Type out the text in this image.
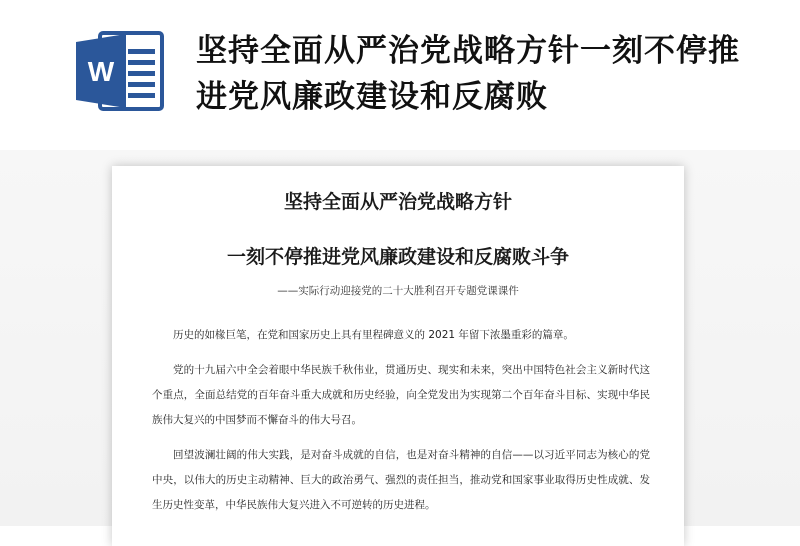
W
坚持全面从严治党战略方针一刻不停推进党风廉政建设和反腐败
坚持全面从严治党战略方针
一刻不停推进党风廉政建设和反腐败斗争

——实际行动迎接党的二十大胜利召开专题党课课件

历史的如椽巨笔，在党和国家历史上具有里程碑意义的 2021 年留下浓墨重彩的篇章。

党的十九届六中全会着眼中华民族千秋伟业，贯通历史、现实和未来，突出中国特色社会主义新时代这个重点，全面总结党的百年奋斗重大成就和历史经验，向全党发出为实现第二个百年奋斗目标、实现中华民族伟大复兴的中国梦而不懈奋斗的伟大号召。

回望波澜壮阔的伟大实践，是对奋斗成就的自信，也是对奋斗精神的自信——以习近平同志为核心的党中央，以伟大的历史主动精神、巨大的政治勇气、强烈的责任担当，推动党和国家事业取得历史性成就、发生历史性变革，中华民族伟大复兴进入不可逆转的历史进程。
